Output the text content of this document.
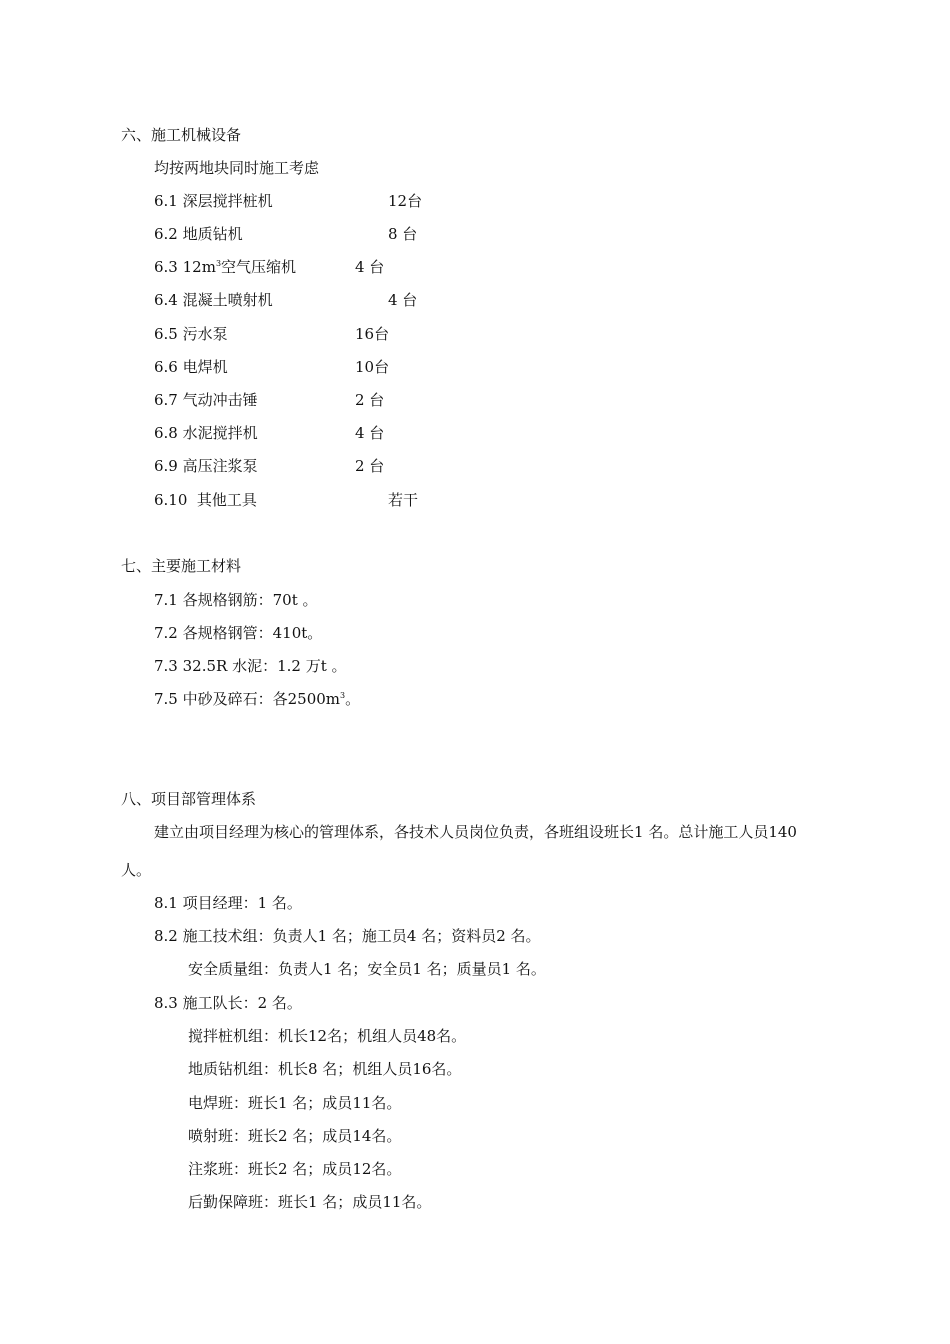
六、施工机械设备
均按两地块同时施工考虑
6.1 深层搅拌桩机	12台
6.2 地质钻机	8 台
6.3 $12m^3$空气压缩机	4 台
6.4 混凝土喷射机	4 台
6.5 污水泵	16台
6.6 电焊机	10台
6.7 气动冲击锤	2 台
6.8 水泥搅拌机	4 台
6.9 高压注浆泵	2 台
6.10  其他工具	若干
七、主要施工材料
7.1 各规格钢筋：70t 。
7.2 各规格钢管：410t。
7.3 32.5R 水泥：1.2 万t 。
7.5 中砂及碎石：各$2500m^3$。
八、项目部管理体系
建立由项目经理为核心的管理体系，各技术人员岗位负责，各班组设班长1 名。总计施工人员140
人。
8.1 项目经理：1 名。
8.2 施工技术组：负责人1 名；施工员4 名；资料员2 名。
安全质量组：负责人1 名；安全员1 名；质量员1 名。
8.3 施工队长：2 名。
搅拌桩机组：机长12名；机组人员48名。
地质钻机组：机长8 名；机组人员16名。
电焊班：班长1 名；成员11名。
喷射班：班长2 名；成员14名。
注浆班：班长2 名；成员12名。
后勤保障班：班长1 名；成员11名。
